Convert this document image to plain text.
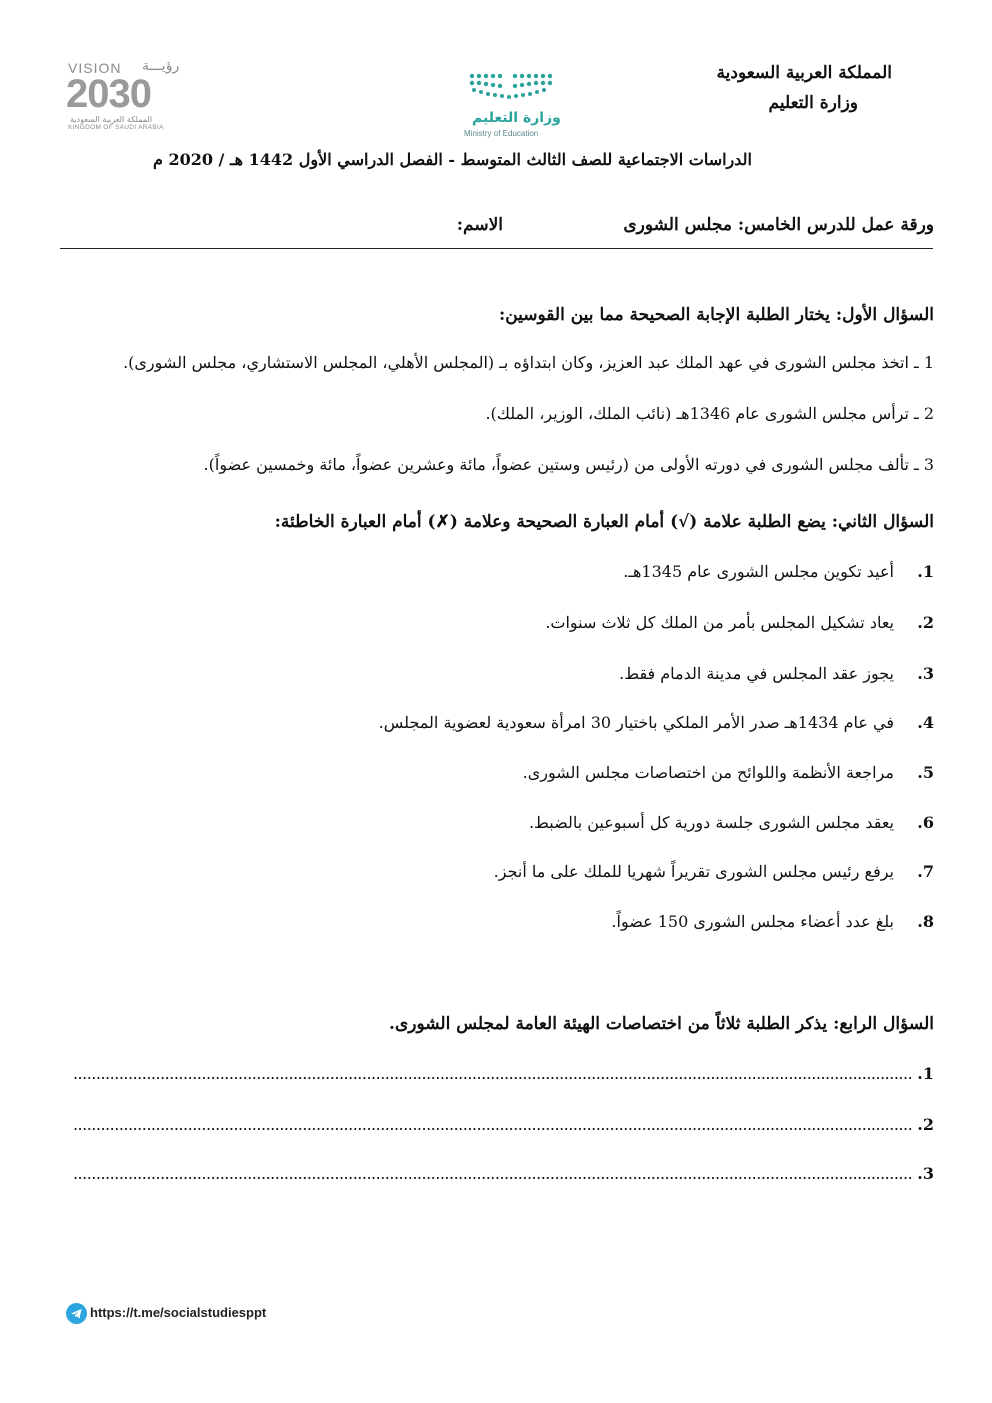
المملكة العربية السعودية
وزارة التعليم
وزارة التعليم
Ministry of Education
VISION رؤيـــة
2030
المملكة العربية السعودية
KINGDOM OF SAUDI ARABIA
الدراسات الاجتماعية للصف الثالث المتوسط - الفصل الدراسي الأول 1442 هـ / 2020 م
ورقة عمل للدرس الخامس: مجلس الشورى
الاسم:
السؤال الأول: يختار الطلبة الإجابة الصحيحة مما بين القوسين:
1 ـ اتخذ مجلس الشورى في عهد الملك عبد العزيز، وكان ابتداؤه بـ (المجلس الأهلي، المجلس الاستشاري، مجلس الشورى).
2 ـ ترأس مجلس الشورى عام 1346هـ (نائب الملك، الوزير، الملك).
3 ـ تألف مجلس الشورى في دورته الأولى من (رئيس وستين عضواً، مائة وعشرين عضواً، مائة وخمسين عضواً).
السؤال الثاني: يضع الطلبة علامة (√) أمام العبارة الصحيحة وعلامة (✗) أمام العبارة الخاطئة:
1.أعيد تكوين مجلس الشورى عام 1345هـ.
2.يعاد تشكيل المجلس بأمر من الملك كل ثلاث سنوات.
3.يجوز عقد المجلس في مدينة الدمام فقط.
4.في عام 1434هـ صدر الأمر الملكي باختيار 30 امرأة سعودية لعضوية المجلس.
5.مراجعة الأنظمة واللوائح من اختصاصات مجلس الشورى.
6.يعقد مجلس الشورى جلسة دورية كل أسبوعين بالضبط.
7.يرفع رئيس مجلس الشورى تقريراً شهريا للملك على ما أنجز.
8.بلغ عدد أعضاء مجلس الشورى 150 عضواً.
السؤال الرابع: يذكر الطلبة ثلاثاً من اختصاصات الهيئة العامة لمجلس الشورى.
1. .......................................................................................................................................................................................
2. .......................................................................................................................................................................................
3. .......................................................................................................................................................................................
https://t.me/socialstudiesppt
